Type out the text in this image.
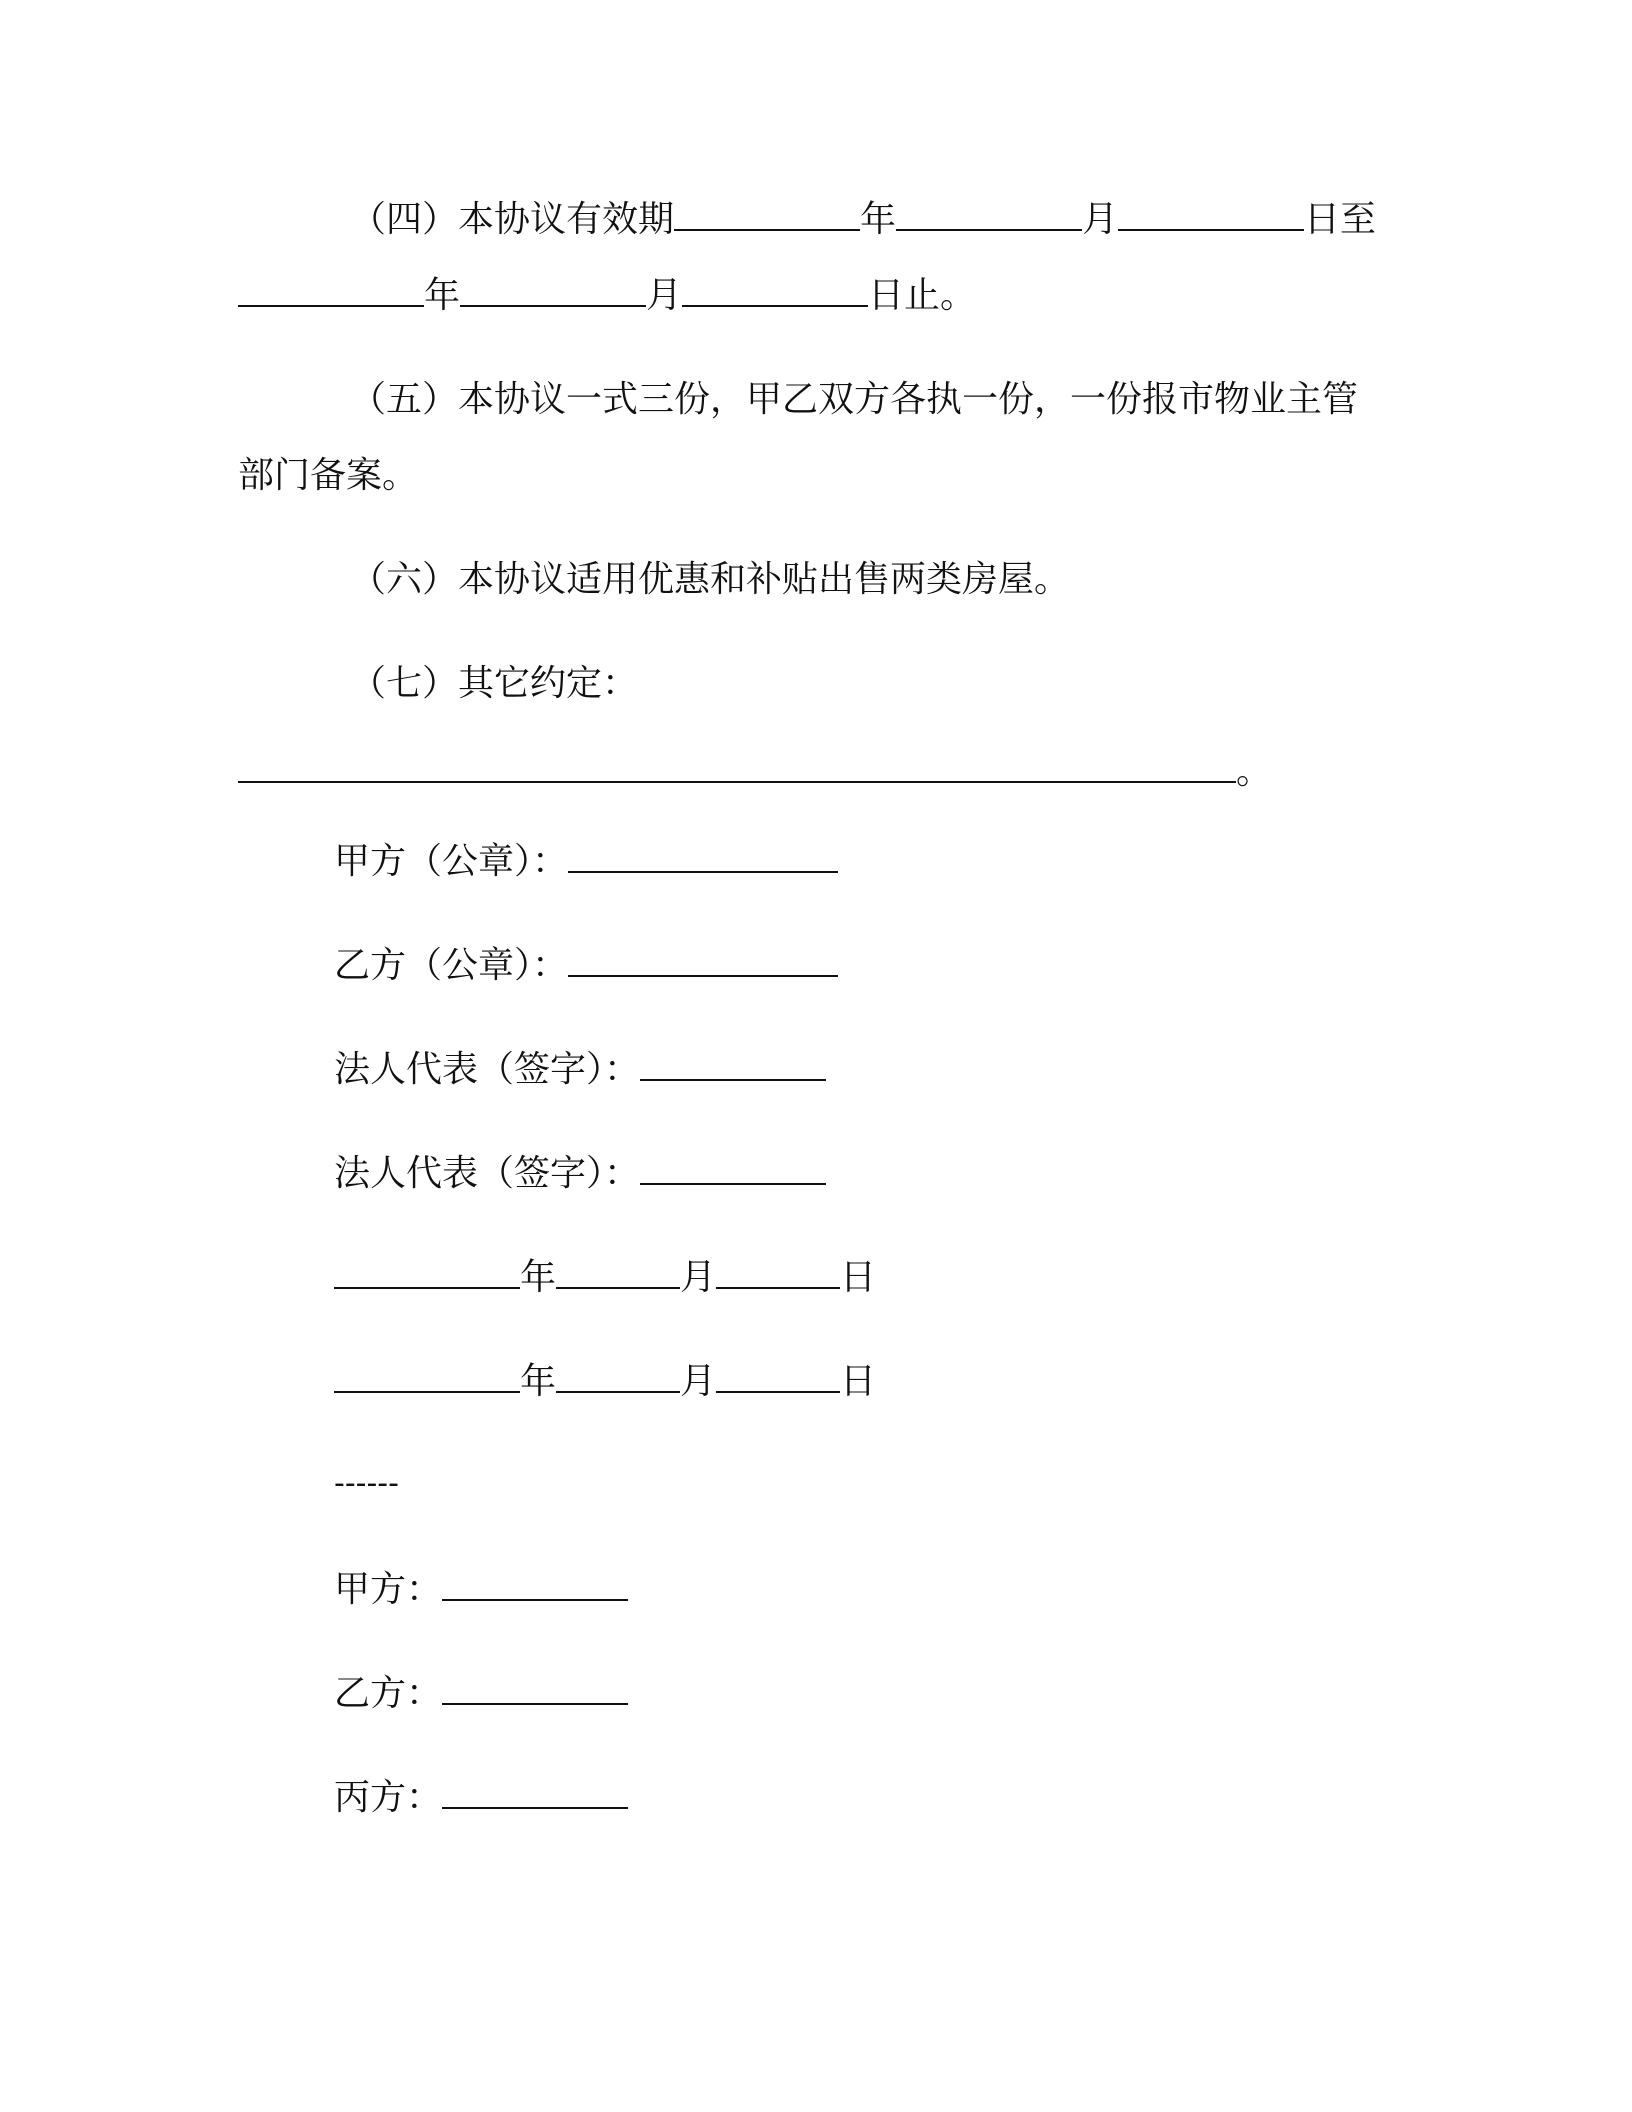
（四）本协议有效期	年	月	日至
年	月	日止。
（五）本协议一式三份，甲乙双方各执一份，一份报市物业主管
部门备案。
（六）本协议适用优惠和补贴出售两类房屋。
（七）其它约定：
。
甲方（公章）：
乙方（公章）：
法人代表（签字）：
法人代表（签字）：
年	月	日
年	月	日
------
甲方：
乙方：
丙方：
